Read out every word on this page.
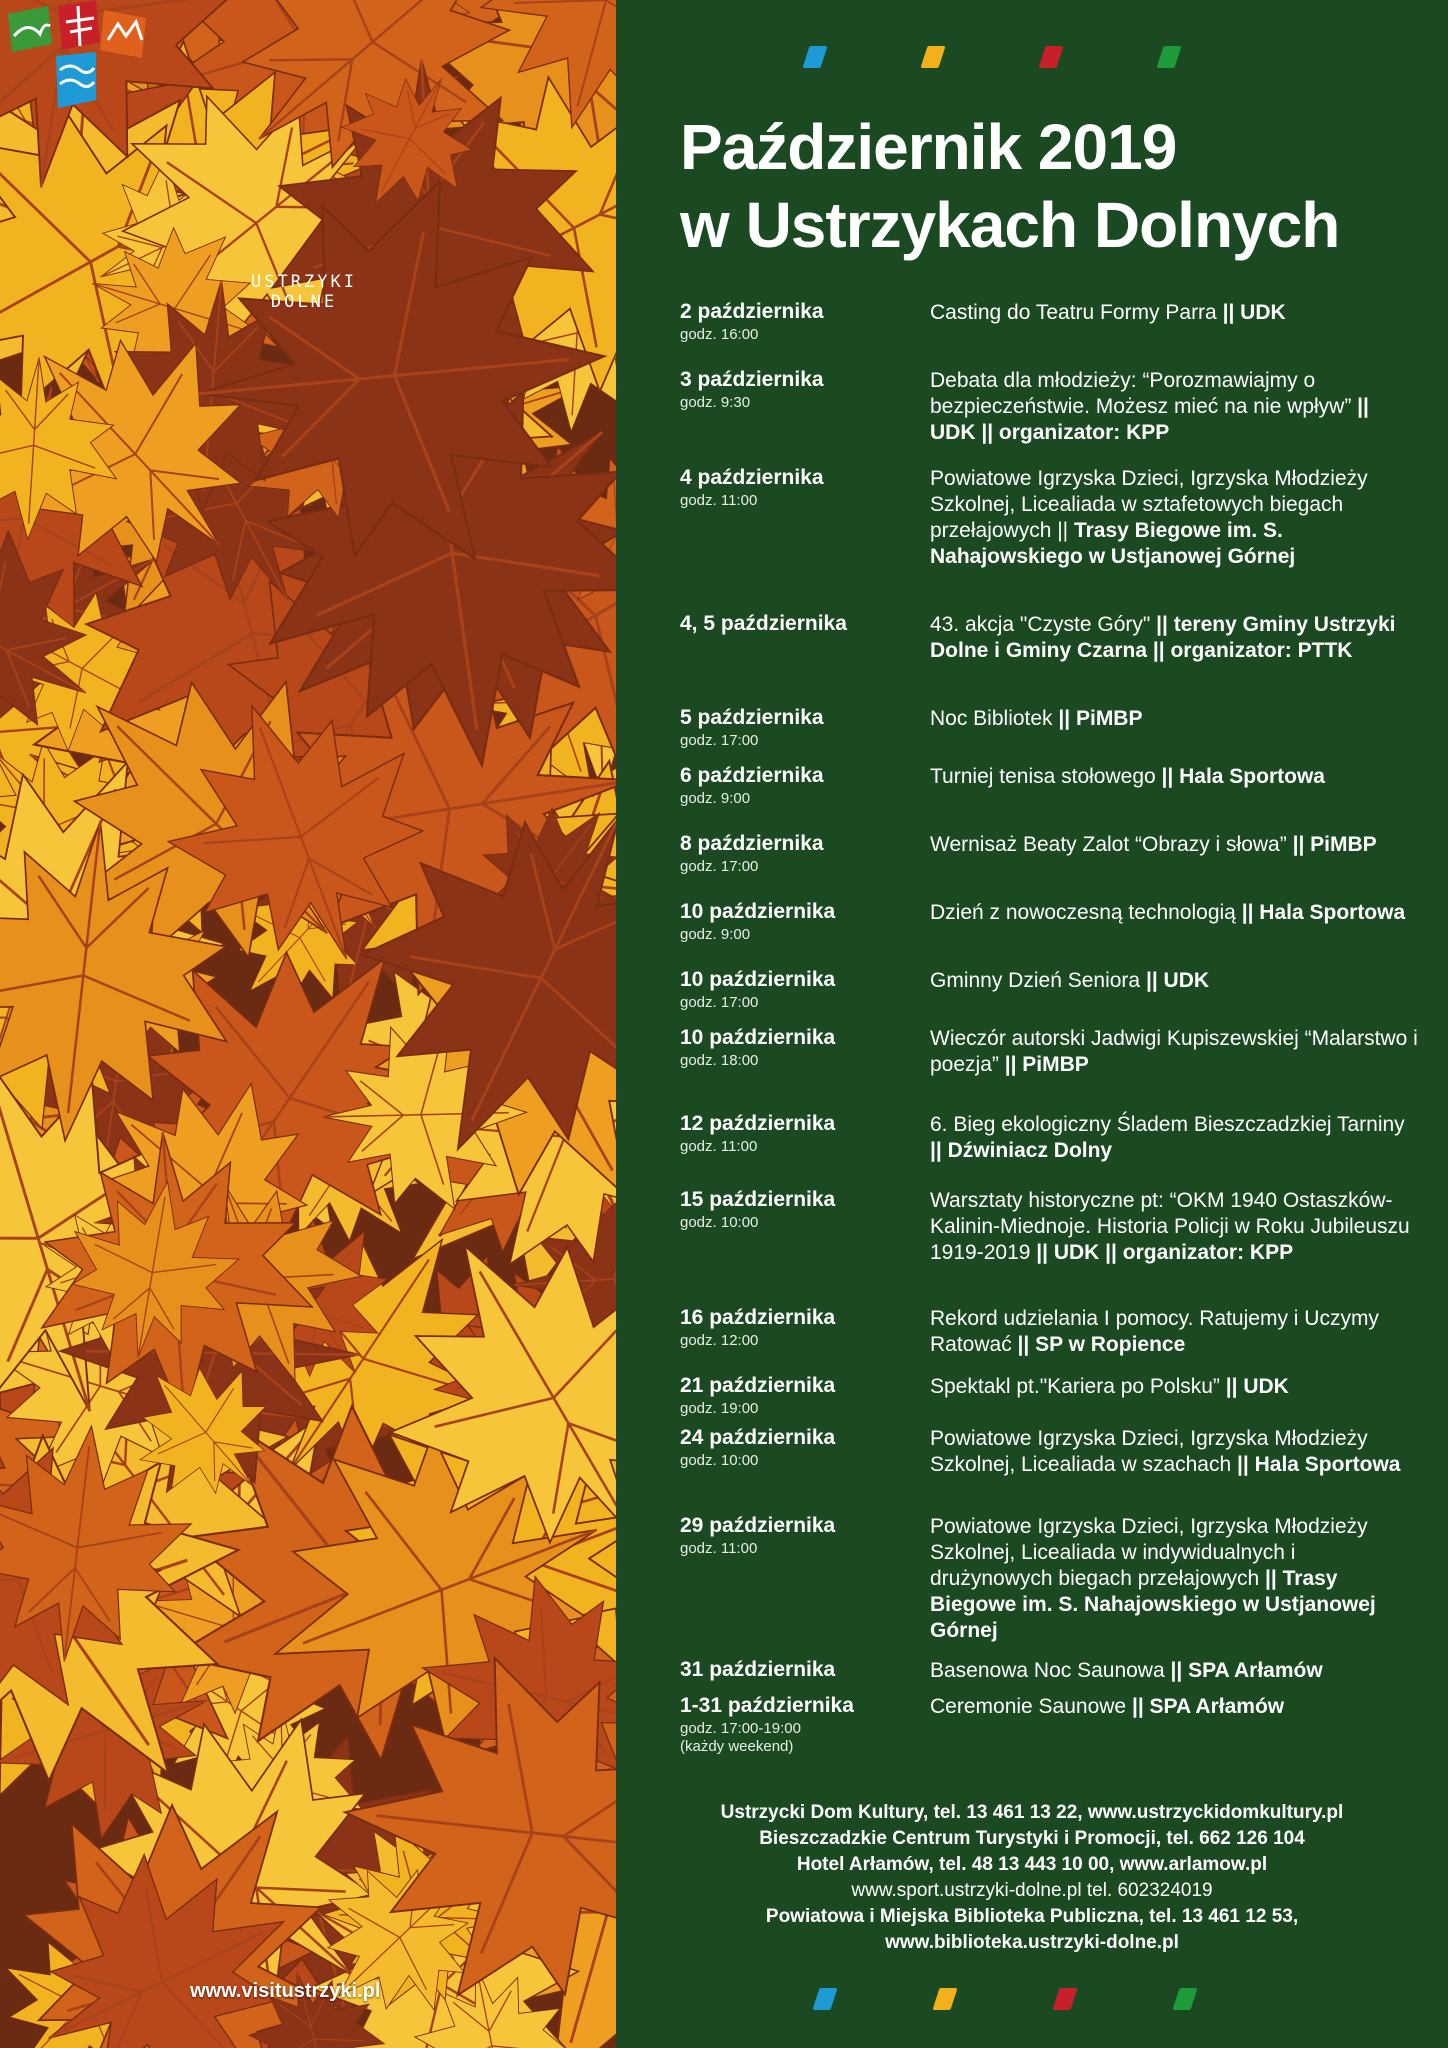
USTRZYKI DOLNE
www.visitustrzyki.pl
Październik 2019
w Ustrzykach Dolnych
2 października
godz. 16:00
Casting do Teatru Formy Parra || UDK
3 października
godz. 9:30
Debata dla młodzieży: “Porozmawiajmy o bezpieczeństwie. Możesz mieć na nie wpływ” || UDK || organizator: KPP
4 października
godz. 11:00
Powiatowe Igrzyska Dzieci, Igrzyska Młodzieży Szkolnej, Licealiada w sztafetowych biegach przełajowych || Trasy Biegowe im. S. Nahajowskiego w Ustjanowej Górnej
4, 5 października	43. akcja "Czyste Góry" || tereny Gminy Ustrzyki Dolne i Gminy Czarna || organizator: PTTK
5 października
godz. 17:00
Noc Bibliotek || PiMBP
6 października
godz. 9:00
Turniej tenisa stołowego || Hala Sportowa
8 października
godz. 17:00
Wernisaż Beaty Zalot “Obrazy i słowa” || PiMBP
10 października
godz. 9:00
Dzień z nowoczesną technologią || Hala Sportowa
10 października
godz. 17:00
Gminny Dzień Seniora || UDK
10 października
godz. 18:00
Wieczór autorski Jadwigi Kupiszewskiej “Malarstwo i poezja” || PiMBP
12 października
godz. 11:00
6. Bieg ekologiczny Śladem Bieszczadzkiej Tarniny || Dźwiniacz Dolny
15 października
godz. 10:00
Warsztaty historyczne pt: “OKM 1940 Ostaszków-Kalinin-Miednoje. Historia Policji w Roku Jubileuszu 1919-2019 || UDK || organizator: KPP
16 października
godz. 12:00
Rekord udzielania I pomocy. Ratujemy i Uczymy Ratować || SP w Ropience
21 października
godz. 19:00
Spektakl pt."Kariera po Polsku” || UDK
24 października
godz. 10:00
Powiatowe Igrzyska Dzieci, Igrzyska Młodzieży Szkolnej, Licealiada w szachach || Hala Sportowa
29 października
godz. 11:00
Powiatowe Igrzyska Dzieci, Igrzyska Młodzieży Szkolnej, Licealiada w indywidualnych i drużynowych biegach przełajowych || Trasy Biegowe im. S. Nahajowskiego w Ustjanowej Górnej
31 października	Basenowa Noc Saunowa || SPA Arłamów
1-31 października
godz. 17:00-19:00
(każdy weekend)
Ceremonie Saunowe || SPA Arłamów
Ustrzycki Dom Kultury, tel. 13 461 13 22, www.ustrzyckidomkultury.pl
Bieszczadzkie Centrum Turystyki i Promocji, tel. 662 126 104
Hotel Arłamów, tel. 48 13 443 10 00, www.arlamow.pl
www.sport.ustrzyki-dolne.pl tel. 602324019
Powiatowa i Miejska Biblioteka Publiczna, tel. 13 461 12 53,
www.biblioteka.ustrzyki-dolne.pl
